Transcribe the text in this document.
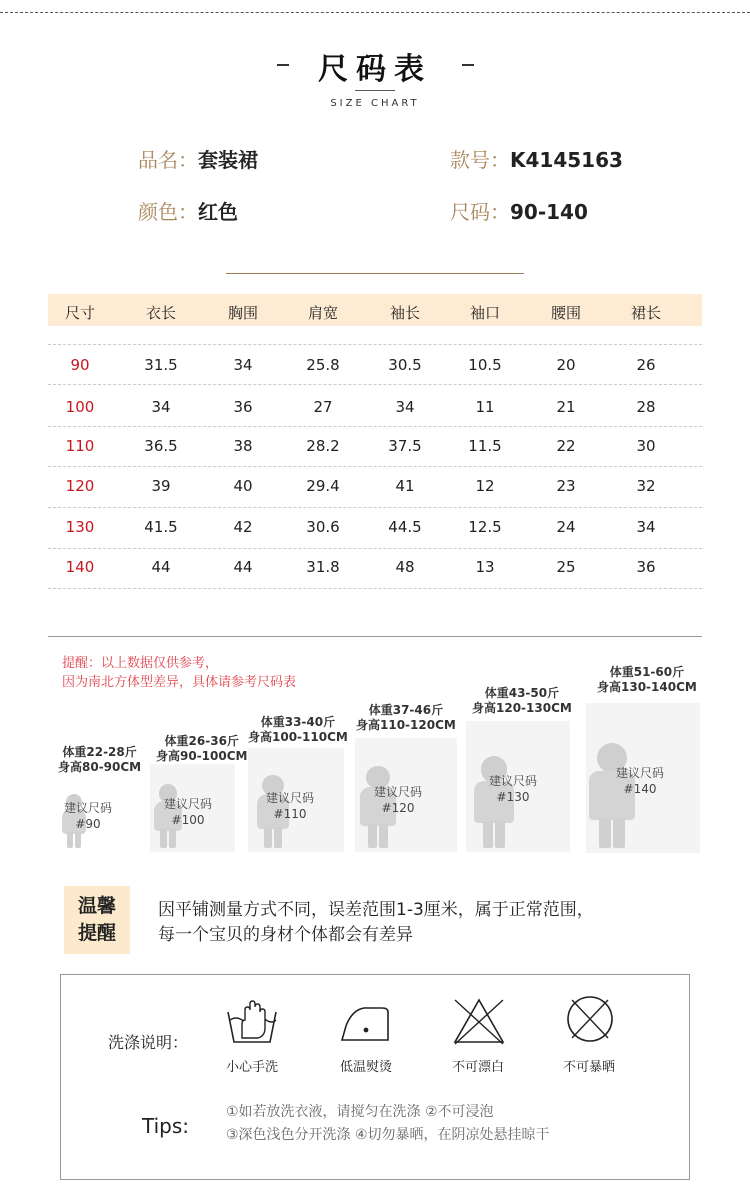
尺码表
SIZE CHART
品名：套装裙	款号：K4145163
颜色：红色	尺码：90-140
尺寸	衣长	胸围	肩宽	袖长	袖口	腰围	裙长
90	31.5	34	25.8	30.5	10.5	20	26
100	34	36	27	34	11	21	28
110	36.5	38	28.2	37.5	11.5	22	30
120	39	40	29.4	41	12	23	32
130	41.5	42	30.6	44.5	12.5	24	34
140	44	44	31.8	48	13	25	36
提醒：以上数据仅供参考，
因为南北方体型差异，具体请参考尺码表
体重22-28斤
身高80-90CM
建议尺码
#90
体重26-36斤
身高90-100CM
建议尺码
#100
体重33-40斤
身高100-110CM
建议尺码
#110
体重37-46斤
身高110-120CM
建议尺码
#120
体重43-50斤
身高120-130CM
建议尺码
#130
体重51-60斤
身高130-140CM
建议尺码
#140
温馨
提醒
因平铺测量方式不同，误差范围1-3厘米，属于正常范围，
每一个宝贝的身材个体都会有差异
洗涤说明：
小心手洗	低温熨烫	不可漂白	不可暴晒
Tips:
①如若放洗衣液，请搅匀在洗涤 ②不可浸泡
③深色浅色分开洗涤 ④切勿暴晒，在阴凉处悬挂晾干
